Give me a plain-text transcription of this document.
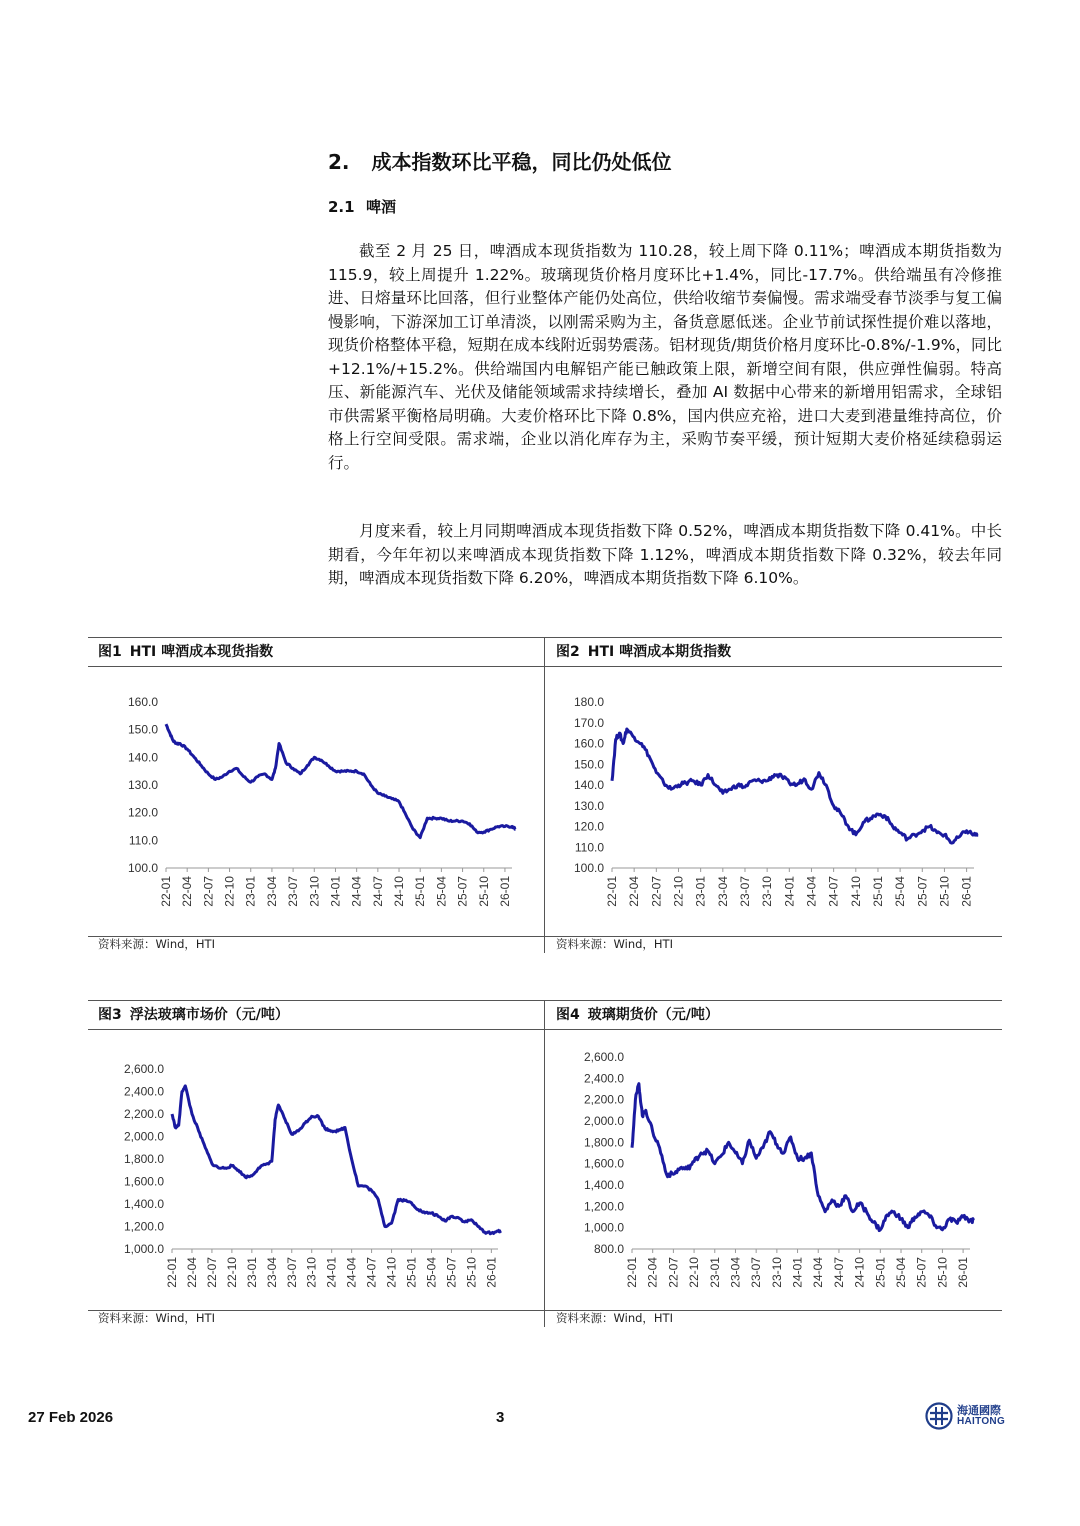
2. 成本指数环比平稳，同比仍处低位
2.1 啤酒

截至 2 月 25 日，啤酒成本现货指数为 110.28，较上周下降 0.11%；啤酒成本期货指数为 115.9，较上周提升 1.22%。玻璃现货价格月度环比+1.4%，同比-17.7%。供给端虽有冷修推进、日熔量环比回落，但行业整体产能仍处高位，供给收缩节奏偏慢。需求端受春节淡季与复工偏慢影响，下游深加工订单清淡，以刚需采购为主，备货意愿低迷。企业节前试探性提价难以落地，现货价格整体平稳，短期在成本线附近弱势震荡。铝材现货/期货价格月度环比-0.8%/-1.9%，同比+12.1%/+15.2%。供给端国内电解铝产能已触政策上限，新增空间有限，供应弹性偏弱。特高压、新能源汽车、光伏及储能领域需求持续增长，叠加 AI 数据中心带来的新增用铝需求，全球铝市供需紧平衡格局明确。大麦价格环比下降 0.8%，国内供应充裕，进口大麦到港量维持高位，价格上行空间受限。需求端，企业以消化库存为主，采购节奏平缓，预计短期大麦价格延续稳弱运行。

月度来看，较上月同期啤酒成本现货指数下降 0.52%，啤酒成本期货指数下降 0.41%。中长期看，今年年初以来啤酒成本现货指数下降 1.12%，啤酒成本期货指数下降 0.32%，较去年同期，啤酒成本现货指数下降 6.20%，啤酒成本期货指数下降 6.10%。

图1 HTI 啤酒成本现货指数	图2 HTI 啤酒成本期货指数
100.0
110.0
120.0
130.0
140.0
150.0
160.0
22-01 22-04 22-07 22-10 23-01 23-04 23-07 23-10 24-01 24-04 24-07 24-10 25-01 25-04 25-07 25-10 26-01
100.0
110.0
120.0
130.0
140.0
150.0
160.0
170.0
180.0
22-01 22-04 22-07 22-10 23-01 23-04 23-07 23-10 24-01 24-04 24-07 24-10 25-01 25-04 25-07 25-10 26-01
资料来源：Wind，HTI	资料来源：Wind，HTI
图3 浮法玻璃市场价（元/吨）	图4 玻璃期货价（元/吨）
1,000.0
1,200.0
1,400.0
1,600.0
1,800.0
2,000.0
2,200.0
2,400.0
2,600.0
22-01 22-04 22-07 22-10 23-01 23-04 23-07 23-10 24-01 24-04 24-07 24-10 25-01 25-04 25-07 25-10 26-01
800.0
1,000.0
1,200.0
1,400.0
1,600.0
1,800.0
2,000.0
2,200.0
2,400.0
2,600.0
22-01 22-04 22-07 22-10 23-01 23-04 23-07 23-10 24-01 24-04 24-07 24-10 25-01 25-04 25-07 25-10 26-01
资料来源：Wind，HTI	资料来源：Wind，HTI
27 Feb 2026	3	海通國際
HAITONG
